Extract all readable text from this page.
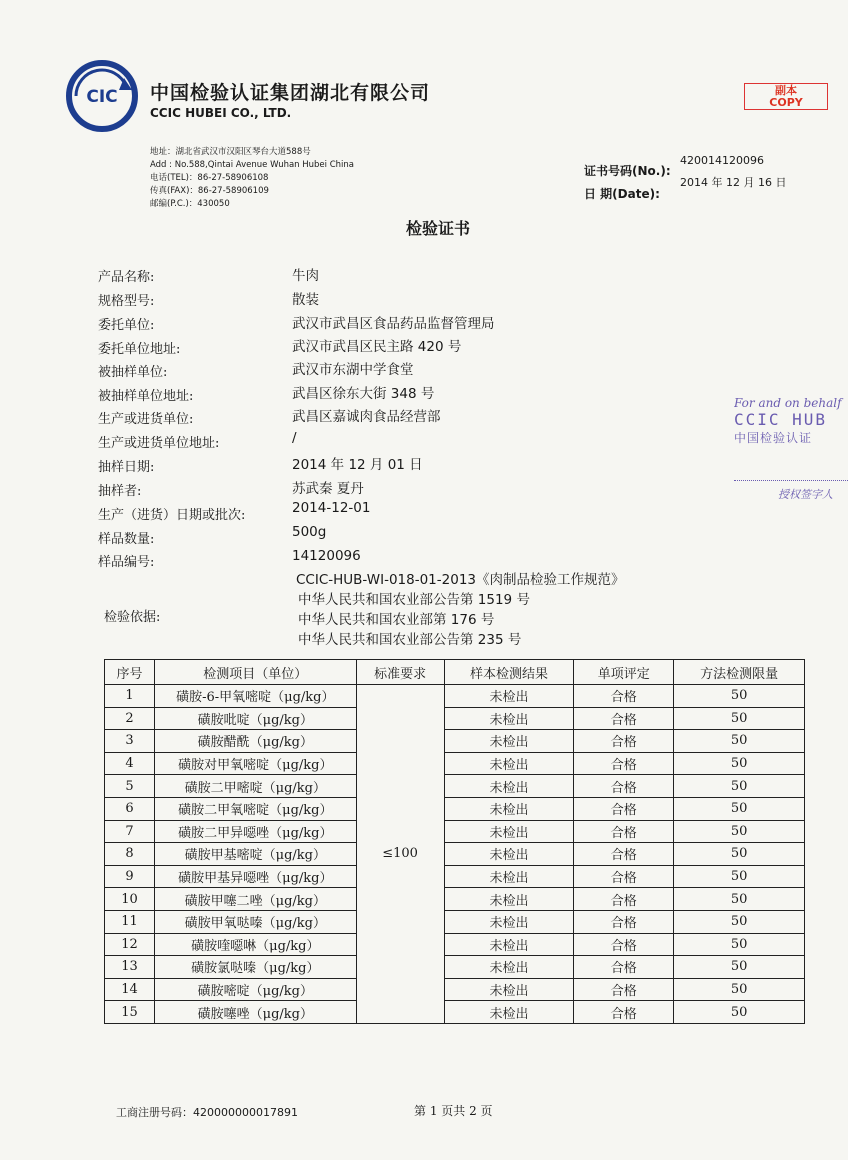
CIC 中国检验认证集团湖北有限公司
CCIC HUBEI CO., LTD.
副本
COPY
地址：湖北省武汉市汉阳区琴台大道588号
Add : No.588,Qintai Avenue Wuhan Hubei China
电话(TEL)：86-27-58906108
传真(FAX)：86-27-58906109
邮编(P.C.)：430050
证书号码(No.):
日 期(Date):
420014120096
2014 年 12 月 16 日
检验证书
产品名称:	牛肉
规格型号:	散装
委托单位:	武汉市武昌区食品药品监督管理局
委托单位地址:	武汉市武昌区民主路 420 号
被抽样单位:	武汉市东湖中学食堂
被抽样单位地址:	武昌区徐东大街 348 号
生产或进货单位:	武昌区嘉诚肉食品经营部
生产或进货单位地址:	/
抽样日期:	2014 年 12 月 01 日
抽样者:	苏武秦 夏丹
生产（进货）日期或批次:	2014-12-01
样品数量:	500g
样品编号:	14120096
CCIC-HUB-WI-018-01-2013《肉制品检验工作规范》
中华人民共和国农业部公告第 1519 号
检验依据:	中华人民共和国农业部第 176 号
中华人民共和国农业部公告第 235 号
For and on behalf
CCIC HUB
中国检验认证
授权签字人
序号	检测项目（单位）	标准要求	样本检测结果	单项评定	方法检测限量
1	磺胺-6-甲氧嘧啶（μg/kg）	≤100	未检出	合格	50
2	磺胺吡啶（μg/kg）		未检出	合格	50
3	磺胺醋酰（μg/kg）		未检出	合格	50
4	磺胺对甲氧嘧啶（μg/kg）		未检出	合格	50
5	磺胺二甲嘧啶（μg/kg）		未检出	合格	50
6	磺胺二甲氧嘧啶（μg/kg）		未检出	合格	50
7	磺胺二甲异噁唑（μg/kg）		未检出	合格	50
8	磺胺甲基嘧啶（μg/kg）		未检出	合格	50
9	磺胺甲基异噁唑（μg/kg）		未检出	合格	50
10	磺胺甲噻二唑（μg/kg）		未检出	合格	50
11	磺胺甲氧哒嗪（μg/kg）		未检出	合格	50
12	磺胺喹噁啉（μg/kg）		未检出	合格	50
13	磺胺氯哒嗪（μg/kg）		未检出	合格	50
14	磺胺嘧啶（μg/kg）		未检出	合格	50
15	磺胺噻唑（μg/kg）		未检出	合格	50
工商注册号码：420000000017891	第 1 页共 2 页
